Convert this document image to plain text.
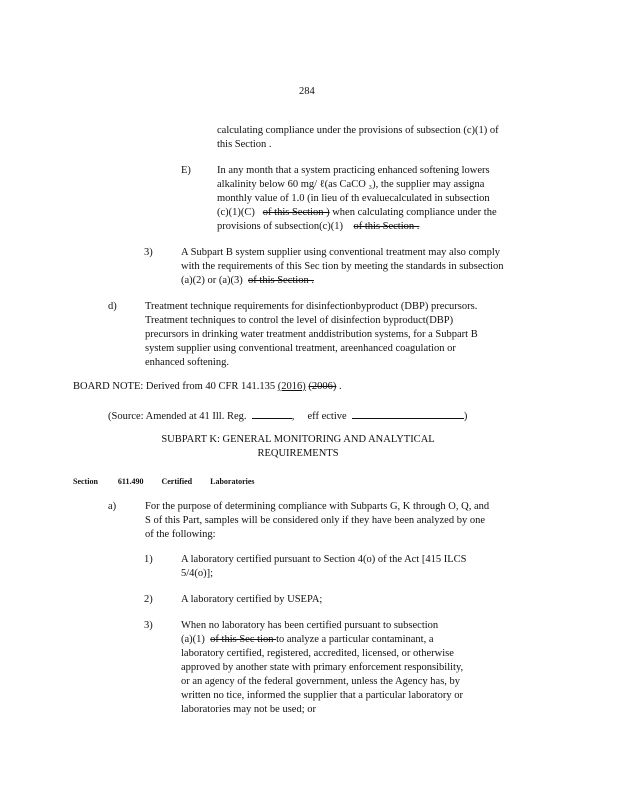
284
calculating compliance under the provisions of subsection (c)(1) of
this Section .
E) In any month that a system practicing enhanced softening lowers
alkalinity below 60 mg/ ℓ(as CaCO ₃), the supplier may assigna
monthly value of 1.0 (in lieu of th evaluecalculated in subsection
(c)(1)(C) of this Section ) when calculating compliance under the
provisions of subsection(c)(1) of this Section .
3)	A Subpart B system supplier using conventional treatment may also comply
with the requirements of this Sec tion by meeting the standards in subsection
(a)(2) or (a)(3) of this Section .
d)	Treatment technique requirements for disinfectionbyproduct (DBP) precursors.
Treatment techniques to control the level of disinfection byproduct(DBP)
precursors in drinking water treatment anddistribution systems, for a Subpart B
system supplier using conventional treatment, areenhanced coagulation or
enhanced softening.
BOARD NOTE: Derived from 40 CFR 141.135 (2016) (2006) .
(Source: Amended at 41 Ill. Reg.	, eff ective	)
SUBPART K: GENERAL MONITORING AND ANALYTICAL
REQUIREMENTS
Section	611.490 Certified Laboratories
a)	For the purpose of determining compliance with Subparts G, K through O, Q, and
S of this Part, samples will be considered only if they have been analyzed by one
of the following:
1)	A laboratory certified pursuant to Section 4(o) of the Act [415 ILCS
5/4(o)];
2)	A laboratory certified by USEPA;
3)	When no laboratory has been certified pursuant to subsection
(a)(1) of this Sec tion to analyze a particular contaminant, a
laboratory certified, registered, accredited, licensed, or otherwise
approved by another state with primary enforcement responsibility,
or an agency of the federal government, unless the Agency has, by
written no tice, informed the supplier that a particular laboratory or
laboratories may not be used; or
